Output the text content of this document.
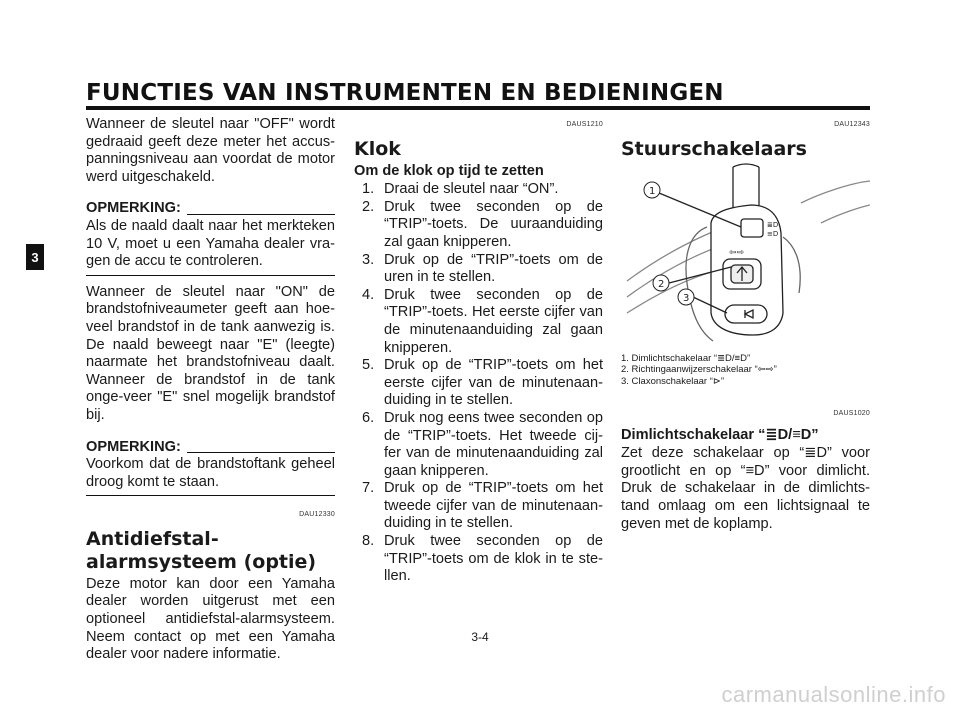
FUNCTIES VAN INSTRUMENTEN EN BEDIENINGEN
3

Wanneer de sleutel naar "OFF" wordt gedraaid geeft deze meter het accus-panningsniveau aan voordat de motor werd uitgeschakeld.

OPMERKING:

Als de naald daalt naar het merkteken 10 V, moet u een Yamaha dealer vra-gen de accu te controleren.

Wanneer de sleutel naar "ON" de brandstofniveaumeter geeft aan hoe-veel brandstof in de tank aanwezig is. De naald beweegt naar "E" (leegte) naarmate het brandstofniveau daalt. Wanneer de brandstof in de tank onge-veer "E" snel mogelijk brandstof bij.

OPMERKING:

Voorkom dat de brandstoftank geheel droog komt te staan.

DAU12330
Antidiefstal-alarmsysteem (optie)

Deze motor kan door een Yamaha dealer worden uitgerust met een optioneel antidiefstal-alarmsysteem. Neem contact op met een Yamaha dealer voor nadere informatie.

DAUS1210
Klok
Om de klok op tijd te zetten
1. Draai de sleutel naar “ON”.
2. Druk twee seconden op de “TRIP”-toets. De uuraanduiding zal gaan knipperen.
3. Druk op de “TRIP”-toets om de uren in te stellen.
4. Druk twee seconden op de “TRIP”-toets. Het eerste cijfer van de minutenaanduiding zal gaan knipperen.
5. Druk op de “TRIP”-toets om het eerste cijfer van de minutenaan-duiding in te stellen.
6. Druk nog eens twee seconden op de “TRIP”-toets. Het tweede cij-fer van de minutenaanduiding zal gaan knipperen.
7. Druk op de “TRIP”-toets om het tweede cijfer van de minutenaan-duiding in te stellen.
8. Druk twee seconden op de “TRIP”-toets om de klok in te ste-llen.
DAU12343
Stuurschakelaars
≣D
≡D
⇦⇨
1
2
3
1. Dimlichtschakelaar “≣D/≡D”
2. Richtingaanwijzerschakelaar “⇦⇨”
3. Claxonschakelaar “⊳”
DAUS1020
Dimlichtschakelaar “≣D/≡D”

Zet deze schakelaar op “≣D” voor grootlicht en op “≡D” voor dimlicht. Druk de schakelaar in de dimlichts-tand omlaag om een lichtsignaal te geven met de koplamp.

3-4
carmanualsonline.info
